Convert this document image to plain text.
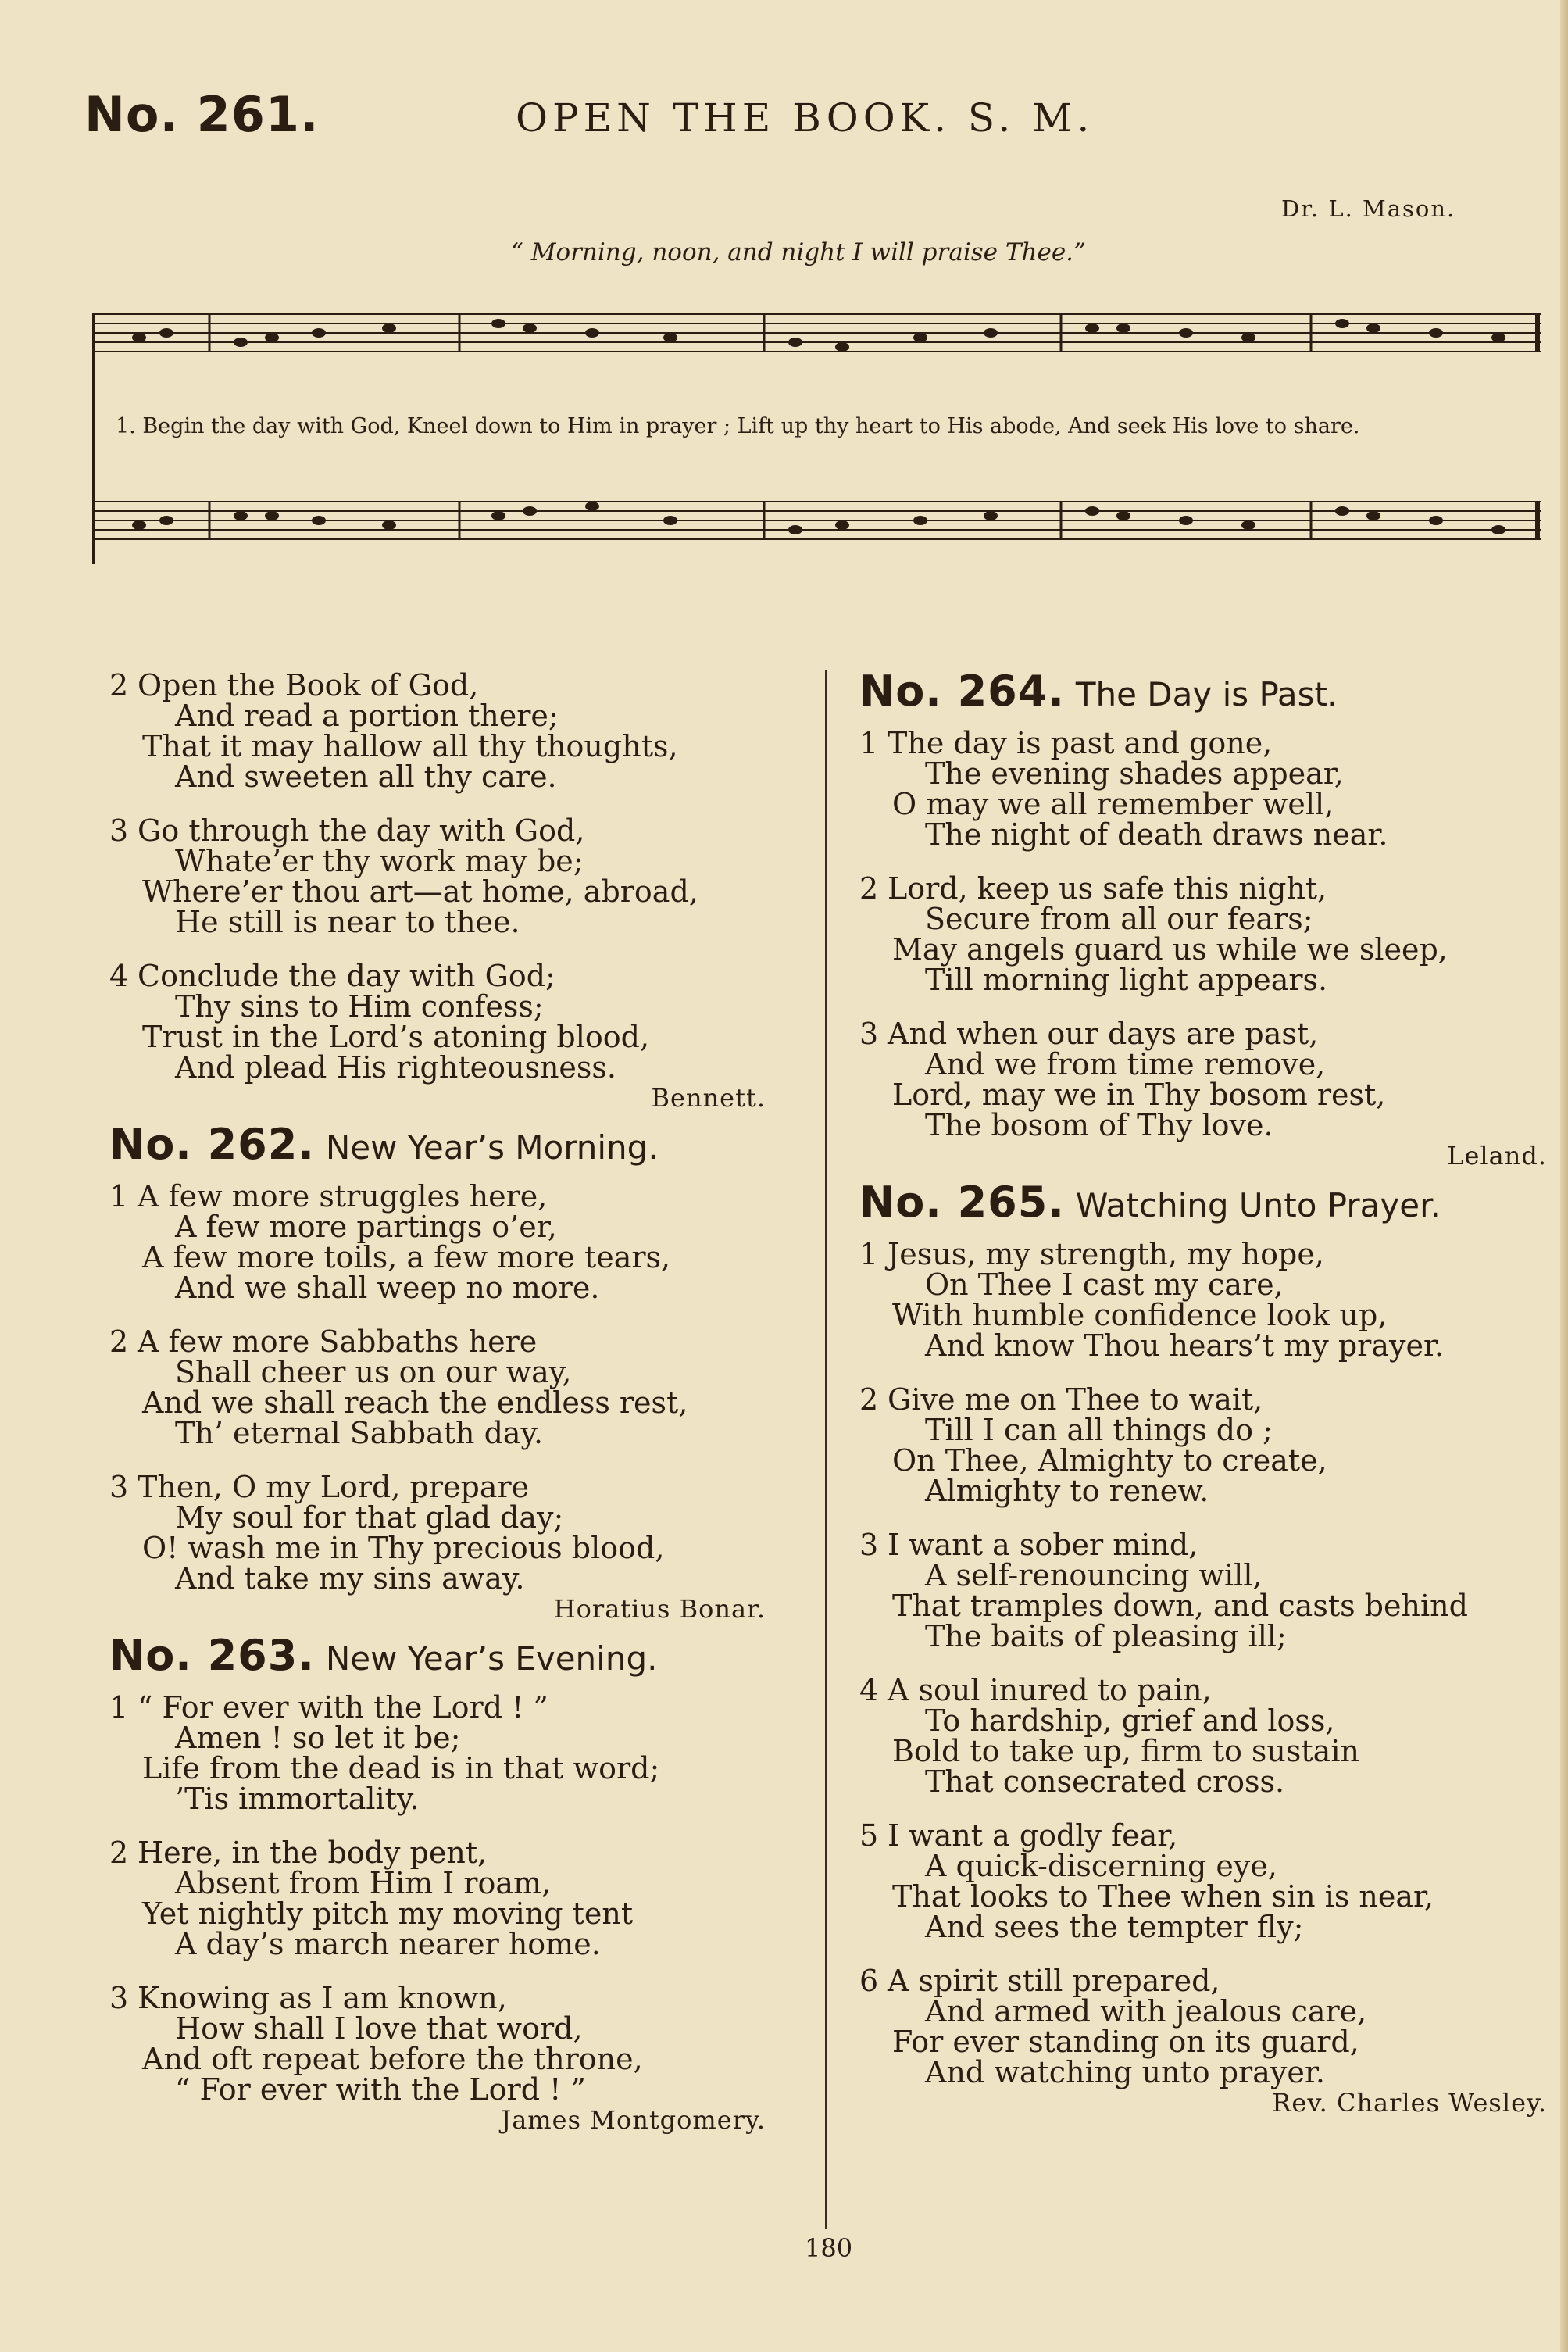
No. 261.	OPEN THE BOOK. S. M.
Dr. L. Mason.
“ Morning, noon, and night I will praise Thee.”
1. Begin the day with God, Kneel down to Him in prayer ; Lift up thy heart to His abode, And seek His love to share.
2 Open the Book of God,
And read a portion there;
That it may hallow all thy thoughts,
And sweeten all thy care.
3 Go through the day with God,
Whate’er thy work may be;
Where’er thou art—at home, abroad,
He still is near to thee.
4 Conclude the day with God;
Thy sins to Him confess;
Trust in the Lord’s atoning blood,
And plead His righteousness.
Bennett.
No. 262. New Year’s Morning.
1 A few more struggles here,
A few more partings o’er,
A few more toils, a few more tears,
And we shall weep no more.
2 A few more Sabbaths here
Shall cheer us on our way,
And we shall reach the endless rest,
Th’ eternal Sabbath day.
3 Then, O my Lord, prepare
My soul for that glad day;
O! wash me in Thy precious blood,
And take my sins away.
Horatius Bonar.
No. 263. New Year’s Evening.
1 “ For ever with the Lord ! ”
Amen ! so let it be;
Life from the dead is in that word;
’Tis immortality.
2 Here, in the body pent,
Absent from Him I roam,
Yet nightly pitch my moving tent
A day’s march nearer home.
3 Knowing as I am known,
How shall I love that word,
And oft repeat before the throne,
“ For ever with the Lord ! ”
James Montgomery.
No. 264. The Day is Past.
1 The day is past and gone,
The evening shades appear,
O may we all remember well,
The night of death draws near.
2 Lord, keep us safe this night,
Secure from all our fears;
May angels guard us while we sleep,
Till morning light appears.
3 And when our days are past,
And we from time remove,
Lord, may we in Thy bosom rest,
The bosom of Thy love.
Leland.
No. 265. Watching Unto Prayer.
1 Jesus, my strength, my hope,
On Thee I cast my care,
With humble confidence look up,
And know Thou hears’t my prayer.
2 Give me on Thee to wait,
Till I can all things do ;
On Thee, Almighty to create,
Almighty to renew.
3 I want a sober mind,
A self-renouncing will,
That tramples down, and casts behind
The baits of pleasing ill;
4 A soul inured to pain,
To hardship, grief and loss,
Bold to take up, firm to sustain
That consecrated cross.
5 I want a godly fear,
A quick-discerning eye,
That looks to Thee when sin is near,
And sees the tempter fly;
6 A spirit still prepared,
And armed with jealous care,
For ever standing on its guard,
And watching unto prayer.
Rev. Charles Wesley.
180
